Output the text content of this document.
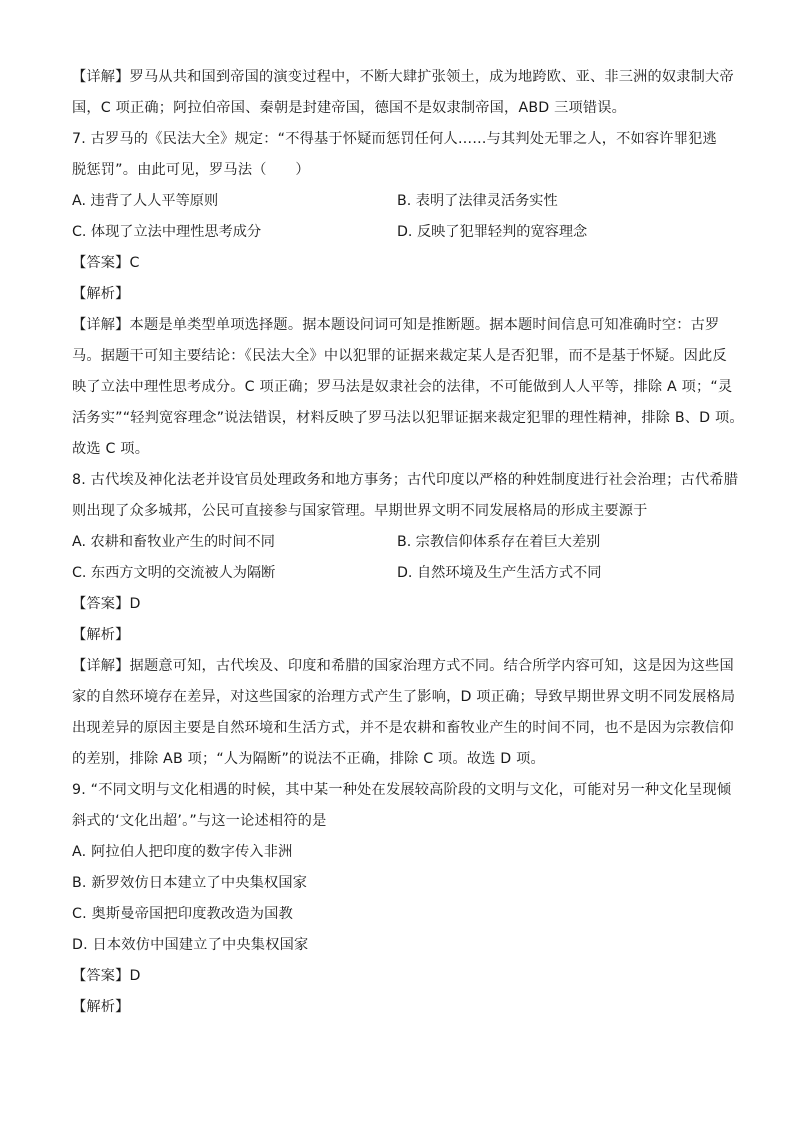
【详解】罗马从共和国到帝国的演变过程中，不断大肆扩张领土，成为地跨欧、亚、非三洲的奴隶制大帝
国，C 项正确；阿拉伯帝国、秦朝是封建帝国，德国不是奴隶制帝国，ABD 三项错误。
7. 古罗马的《民法大全》规定：“不得基于怀疑而惩罚任何人……与其判处无罪之人，不如容许罪犯逃
脱惩罚”。由此可见，罗马法（　　）
A. 违背了人人平等原则	B. 表明了法律灵活务实性
C. 体现了立法中理性思考成分	D. 反映了犯罪轻判的宽容理念
【答案】C
【解析】
【详解】本题是单类型单项选择题。据本题设问词可知是推断题。据本题时间信息可知准确时空：古罗
马。据题干可知主要结论：《民法大全》中以犯罪的证据来裁定某人是否犯罪，而不是基于怀疑。因此反
映了立法中理性思考成分。C 项正确；罗马法是奴隶社会的法律，不可能做到人人平等，排除 A 项；“灵
活务实”“轻判宽容理念”说法错误，材料反映了罗马法以犯罪证据来裁定犯罪的理性精神，排除 B、D 项。
故选 C 项。
8. 古代埃及神化法老并设官员处理政务和地方事务；古代印度以严格的种姓制度进行社会治理；古代希腊
则出现了众多城邦，公民可直接参与国家管理。早期世界文明不同发展格局的形成主要源于
A. 农耕和畜牧业产生的时间不同	B. 宗教信仰体系存在着巨大差别
C. 东西方文明的交流被人为隔断	D. 自然环境及生产生活方式不同
【答案】D
【解析】
【详解】据题意可知，古代埃及、印度和希腊的国家治理方式不同。结合所学内容可知，这是因为这些国
家的自然环境存在差异，对这些国家的治理方式产生了影响，D 项正确；导致早期世界文明不同发展格局
出现差异的原因主要是自然环境和生活方式，并不是农耕和畜牧业产生的时间不同，也不是因为宗教信仰
的差别，排除 AB 项；“人为隔断”的说法不正确，排除 C 项。故选 D 项。
9. “不同文明与文化相遇的时候，其中某一种处在发展较高阶段的文明与文化，可能对另一种文化呈现倾
斜式的‘文化出超’。”与这一论述相符的是
A. 阿拉伯人把印度的数字传入非洲
B. 新罗效仿日本建立了中央集权国家
C. 奥斯曼帝国把印度教改造为国教
D. 日本效仿中国建立了中央集权国家
【答案】D
【解析】
